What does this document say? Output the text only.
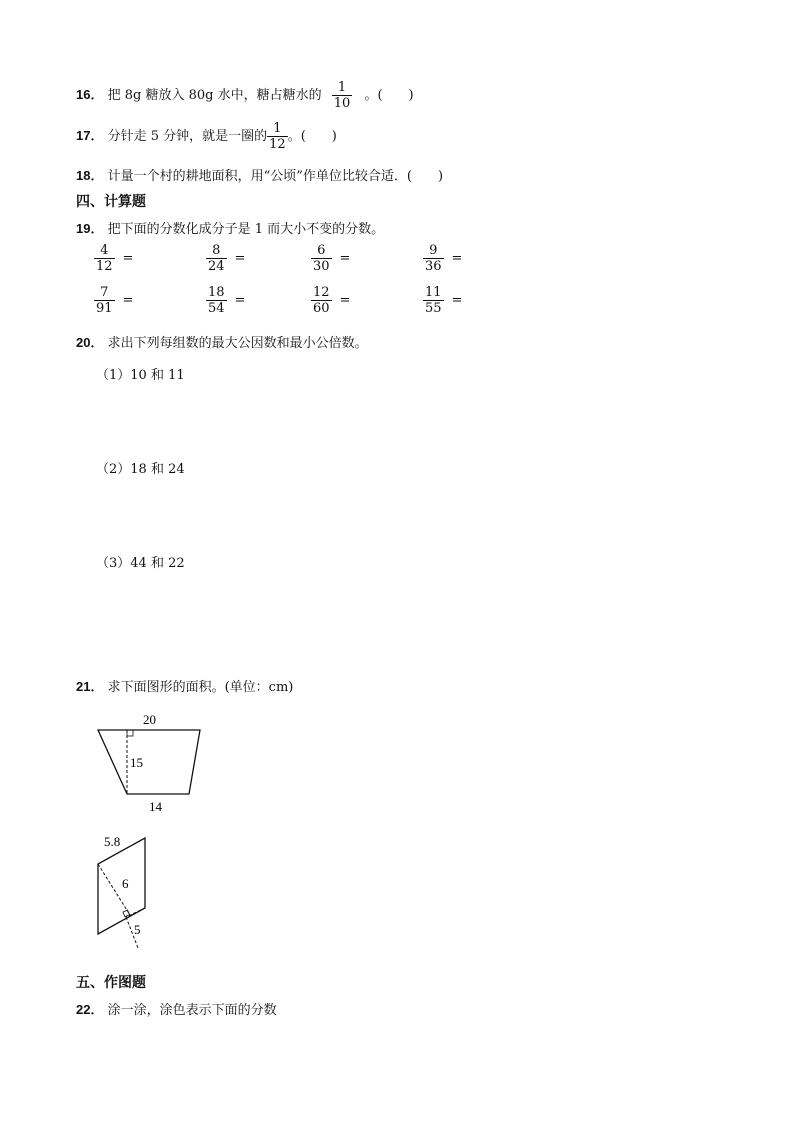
16． 把 8g 糖放入 80g 水中，糖占糖水的 $\frac{1}{10}$ 。(　　)
17． 分针走 5 分钟，就是一圈的 $\frac{1}{12}$ 。(　　)
18． 计量一个村的耕地面积，用“公顷”作单位比较合适．(　　)
四、计算题
19． 把下面的分数化成分子是 1 而大小不变的分数。
$\frac{4}{12}$ =	$\frac{8}{24}$ =	$\frac{6}{30}$ =	$\frac{9}{36}$ =
$\frac{7}{91}$ =	$\frac{18}{54}$ =	$\frac{12}{60}$ =	$\frac{11}{55}$ =
20． 求出下列每组数的最大公因数和最小公倍数。
（1）10 和 11
（2）18 和 24
（3）44 和 22
21． 求下面图形的面积。(单位：cm)
20
15
14
5.8
6
5
五、作图题
22． 涂一涂，涂色表示下面的分数
